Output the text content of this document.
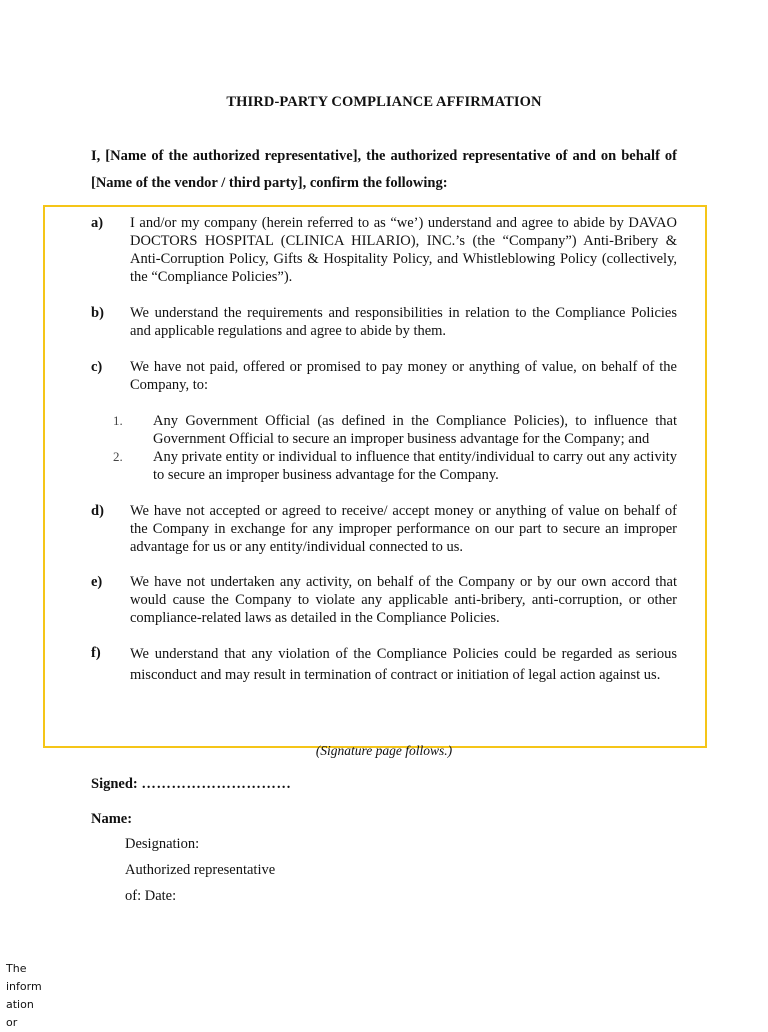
THIRD-PARTY COMPLIANCE AFFIRMATION
I, [Name of the authorized representative], the authorized representative of and on behalf of [Name of the vendor / third party], confirm the following:
a) I and/or my company (herein referred to as “we’) understand and agree to abide by DAVAO DOCTORS HOSPITAL (CLINICA HILARIO), INC.’s (the “Company”) Anti-Bribery & Anti-Corruption Policy, Gifts & Hospitality Policy, and Whistleblowing Policy (collectively, the “Compliance Policies”).
b) We understand the requirements and responsibilities in relation to the Compliance Policies and applicable regulations and agree to abide by them.
c) We have not paid, offered or promised to pay money or anything of value, on behalf of the Company, to:
1. Any Government Official (as defined in the Compliance Policies), to influence that Government Official to secure an improper business advantage for the Company; and
2. Any private entity or individual to influence that entity/individual to carry out any activity to secure an improper business advantage for the Company.
d) We have not accepted or agreed to receive/ accept money or anything of value on behalf of the Company in exchange for any improper performance on our part to secure an improper advantage for us or any entity/individual connected to us.
e) We have not undertaken any activity, on behalf of the Company or by our own accord that would cause the Company to violate any applicable anti-bribery, anti-corruption, or other compliance-related laws as detailed in the Compliance Policies.
f) We understand that any violation of the Compliance Policies could be regarded as serious misconduct and may result in termination of contract or initiation of legal action against us.
(Signature page follows.)
Signed: …………………………
Name:
Designation:
Authorized representative
of: Date:
The
inform
ation
or
